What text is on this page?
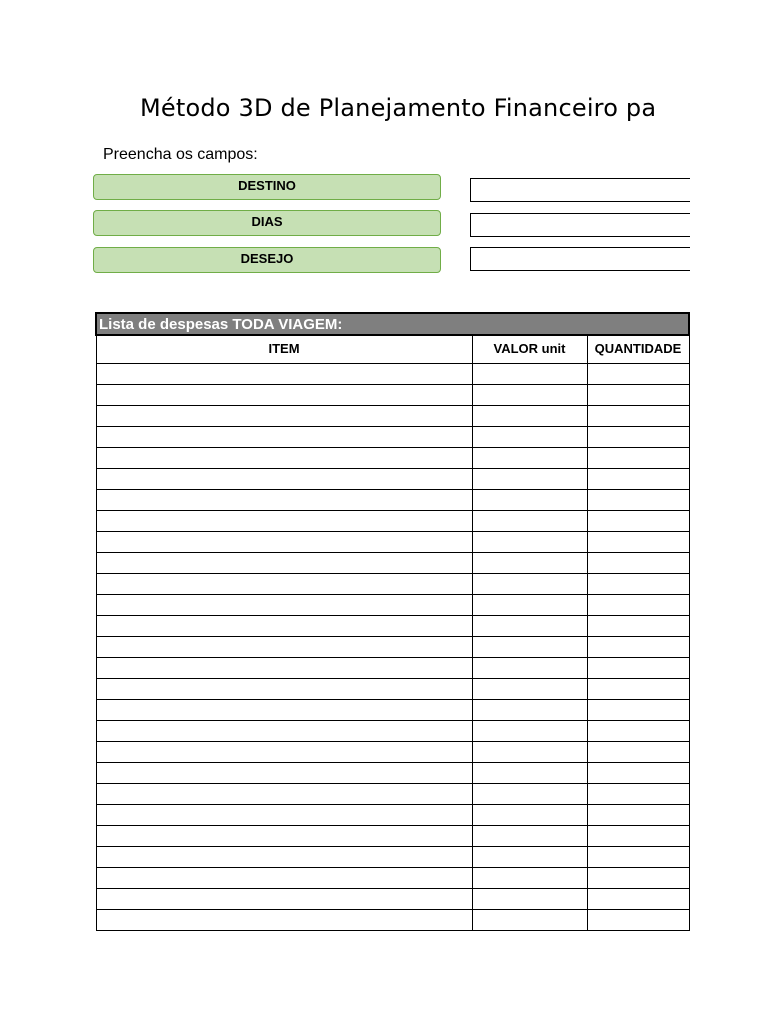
Método 3D de Planejamento Financeiro pa
Preencha os campos:
DESTINO
DIAS
DESEJO
Lista de despesas TODA VIAGEM:		
ITEM	VALOR unit	QUANTIDADE
